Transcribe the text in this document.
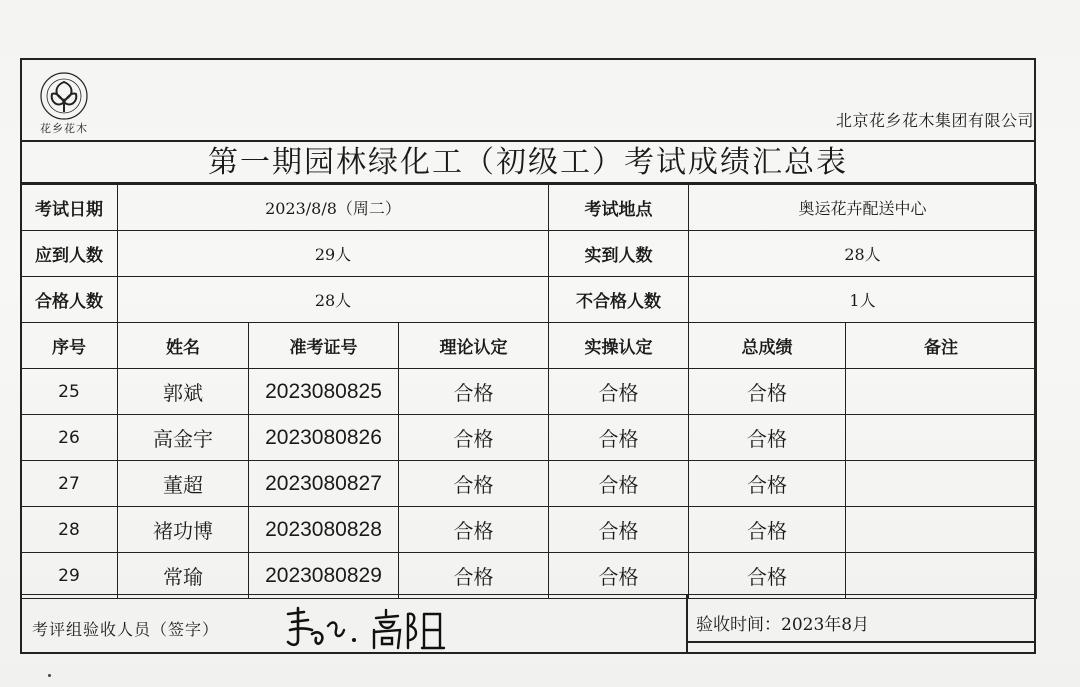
花乡花木	北京花乡花木集团有限公司
第一期园林绿化工（初级工）考试成绩汇总表
考试日期	2023/8/8（周二）			考试地点	奥运花卉配送中心	
应到人数	29人			实到人数	28人	
合格人数	28人			不合格人数	1人	
序号	姓名	准考证号	理论认定	实操认定	总成绩	备注
25	郭斌	2023080825	合格	合格	合格	
26	高金宇	2023080826	合格	合格	合格	
27	董超	2023080827	合格	合格	合格	
28	褚功博	2023080828	合格	合格	合格	
29	常瑜	2023080829	合格	合格	合格	
考评组验收人员（签字）	验收时间：2023年8月
